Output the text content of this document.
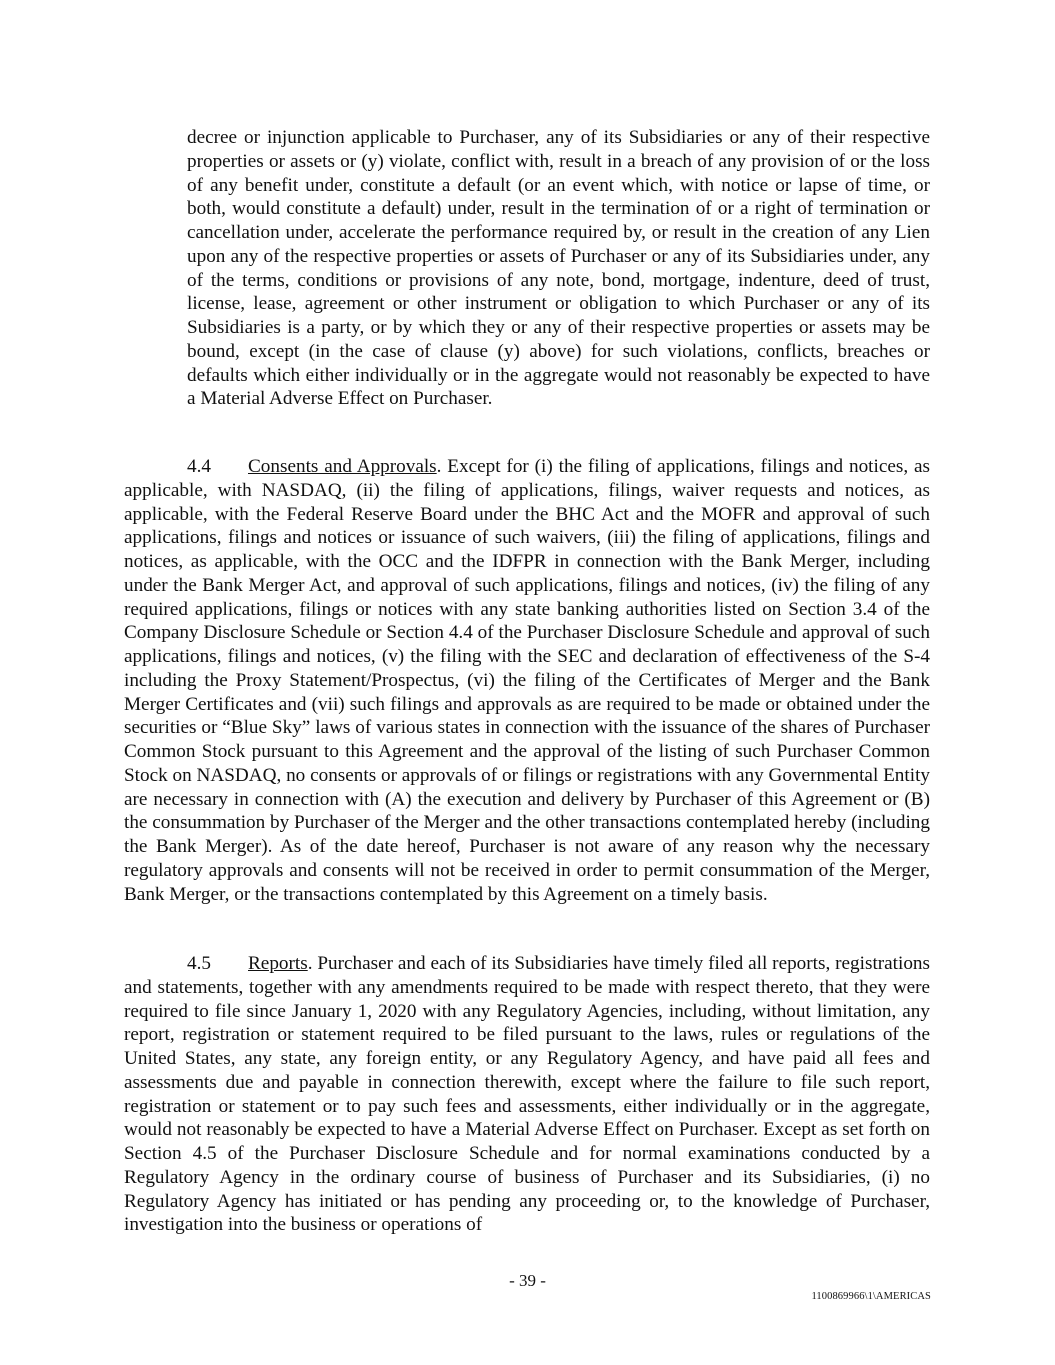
decree or injunction applicable to Purchaser, any of its Subsidiaries or any of their respective properties or assets or (y) violate, conflict with, result in a breach of any provision of or the loss of any benefit under, constitute a default (or an event which, with notice or lapse of time, or both, would constitute a default) under, result in the termination of or a right of termination or cancellation under, accelerate the performance required by, or result in the creation of any Lien upon any of the respective properties or assets of Purchaser or any of its Subsidiaries under, any of the terms, conditions or provisions of any note, bond, mortgage, indenture, deed of trust, license, lease, agreement or other instrument or obligation to which Purchaser or any of its Subsidiaries is a party, or by which they or any of their respective properties or assets may be bound, except (in the case of clause (y) above) for such violations, conflicts, breaches or defaults which either individually or in the aggregate would not reasonably be expected to have a Material Adverse Effect on Purchaser.

4.4 Consents and Approvals. Except for (i) the filing of applications, filings and notices, as applicable, with NASDAQ, (ii) the filing of applications, filings, waiver requests and notices, as applicable, with the Federal Reserve Board under the BHC Act and the MOFR and approval of such applications, filings and notices or issuance of such waivers, (iii) the filing of applications, filings and notices, as applicable, with the OCC and the IDFPR in connection with the Bank Merger, including under the Bank Merger Act, and approval of such applications, filings and notices, (iv) the filing of any required applications, filings or notices with any state banking authorities listed on Section 3.4 of the Company Disclosure Schedule or Section 4.4 of the Purchaser Disclosure Schedule and approval of such applications, filings and notices, (v) the filing with the SEC and declaration of effectiveness of the S-4 including the Proxy Statement/Prospectus, (vi) the filing of the Certificates of Merger and the Bank Merger Certificates and (vii) such filings and approvals as are required to be made or obtained under the securities or “Blue Sky” laws of various states in connection with the issuance of the shares of Purchaser Common Stock pursuant to this Agreement and the approval of the listing of such Purchaser Common Stock on NASDAQ, no consents or approvals of or filings or registrations with any Governmental Entity are necessary in connection with (A) the execution and delivery by Purchaser of this Agreement or (B) the consummation by Purchaser of the Merger and the other transactions contemplated hereby (including the Bank Merger). As of the date hereof, Purchaser is not aware of any reason why the necessary regulatory approvals and consents will not be received in order to permit consummation of the Merger, Bank Merger, or the transactions contemplated by this Agreement on a timely basis.

4.5 Reports. Purchaser and each of its Subsidiaries have timely filed all reports, registrations and statements, together with any amendments required to be made with respect thereto, that they were required to file since January 1, 2020 with any Regulatory Agencies, including, without limitation, any report, registration or statement required to be filed pursuant to the laws, rules or regulations of the United States, any state, any foreign entity, or any Regulatory Agency, and have paid all fees and assessments due and payable in connection therewith, except where the failure to file such report, registration or statement or to pay such fees and assessments, either individually or in the aggregate, would not reasonably be expected to have a Material Adverse Effect on Purchaser. Except as set forth on Section 4.5 of the Purchaser Disclosure Schedule and for normal examinations conducted by a Regulatory Agency in the ordinary course of business of Purchaser and its Subsidiaries, (i) no Regulatory Agency has initiated or has pending any proceeding or, to the knowledge of Purchaser, investigation into the business or operations of

- 39 -
1100869966\1\AMERICAS
